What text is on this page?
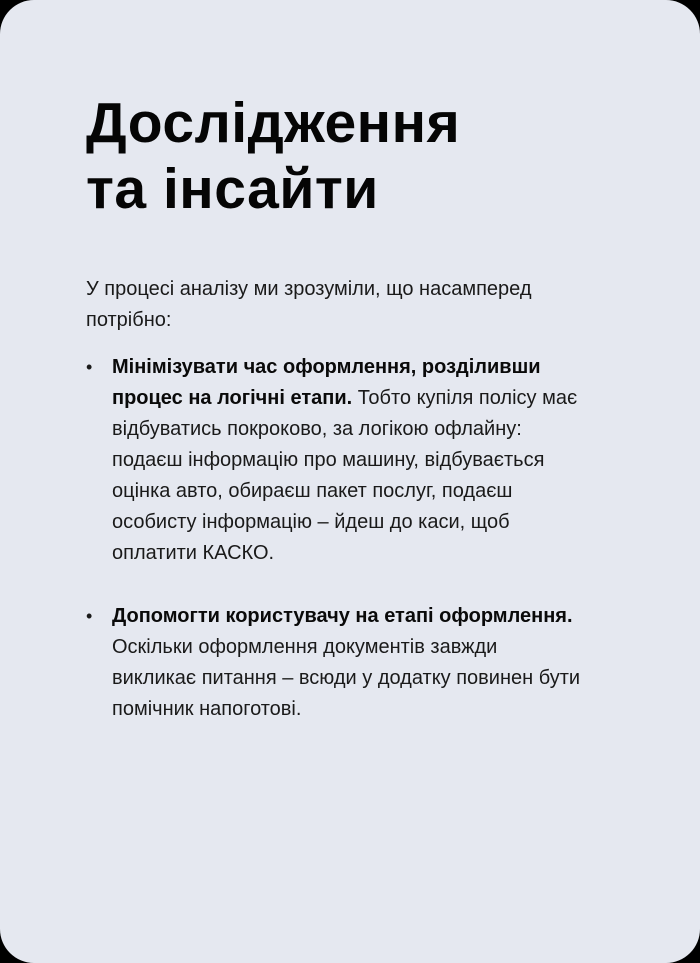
Дослідження
та інсайти

У процесі аналізу ми зрозуміли, що насамперед потрібно:

• Мінімізувати час оформлення, розділивши процес на логічні етапи. Тобто купіля полісу має відбуватись покроково, за логікою офлайну: подаєш інформацію про машину, відбувається оцінка авто, обираєш пакет послуг, подаєш особисту інформацію – йдеш до каси, щоб оплатити КАСКО.
• Допомогти користувачу на етапі оформлення. Оскільки оформлення документів завжди викликає питання – всюди у додатку повинен бути помічник напоготові.
